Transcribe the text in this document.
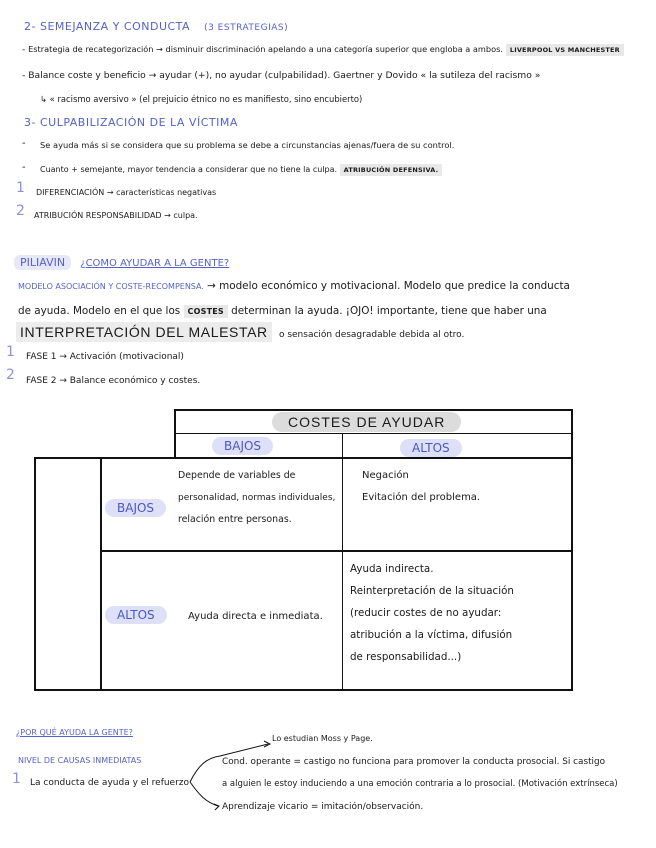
2- SEMEJANZA Y CONDUCTA (3 ESTRATEGIAS)
- Estrategia de recategorización → disminuir discriminación apelando a una categoría superior que engloba a ambos. LIVERPOOL VS MANCHESTER
- Balance coste y beneficio → ayudar (+), no ayudar (culpabilidad). Gaertner y Dovido « la sutileza del racismo »
↳ « racismo aversivo » (el prejuicio étnico no es manifiesto, sino encubierto)
3- CULPABILIZACIÓN DE LA VÍCTIMA
- Se ayuda más si se considera que su problema se debe a circunstancias ajenas/fuera de su control.
- Cuanto + semejante, mayor tendencia a considerar que no tiene la culpa. ATRIBUCIÓN DEFENSIVA.
1 DIFERENCIACIÓN → características negativas
2 ATRIBUCIÓN RESPONSABILIDAD → culpa.
PILIAVIN ¿COMO AYUDAR A LA GENTE?
MODELO ASOCIACIÓN Y COSTE-RECOMPENSA. → modelo económico y motivacional. Modelo que predice la conducta
de ayuda. Modelo en el que los COSTES determinan la ayuda. ¡OJO! importante, tiene que haber una
INTERPRETACIÓN DEL MALESTAR o sensación desagradable debida al otro.
1 FASE 1 → Activación (motivacional)
2 FASE 2 → Balance económico y costes.
COSTES DE AYUDAR
BAJOS	ALTOS
BAJOS
ALTOS
Depende de variables de
personalidad, normas individuales,
relación entre personas.
Negación
Evitación del problema.
Ayuda directa e inmediata.
Ayuda indirecta.
Reinterpretación de la situación
(reducir costes de no ayudar:
atribución a la víctima, difusión
de responsabilidad...)
¿POR QUÉ AYUDA LA GENTE?
NIVEL DE CAUSAS INMEDIATAS
1 La conducta de ayuda y el refuerzo
Lo estudian Moss y Page.
Cond. operante = castigo no funciona para promover la conducta prosocial. Si castigo
a alguien le estoy induciendo a una emoción contraria a lo prosocial. (Motivación extrínseca)
Aprendizaje vicario = imitación/observación.
